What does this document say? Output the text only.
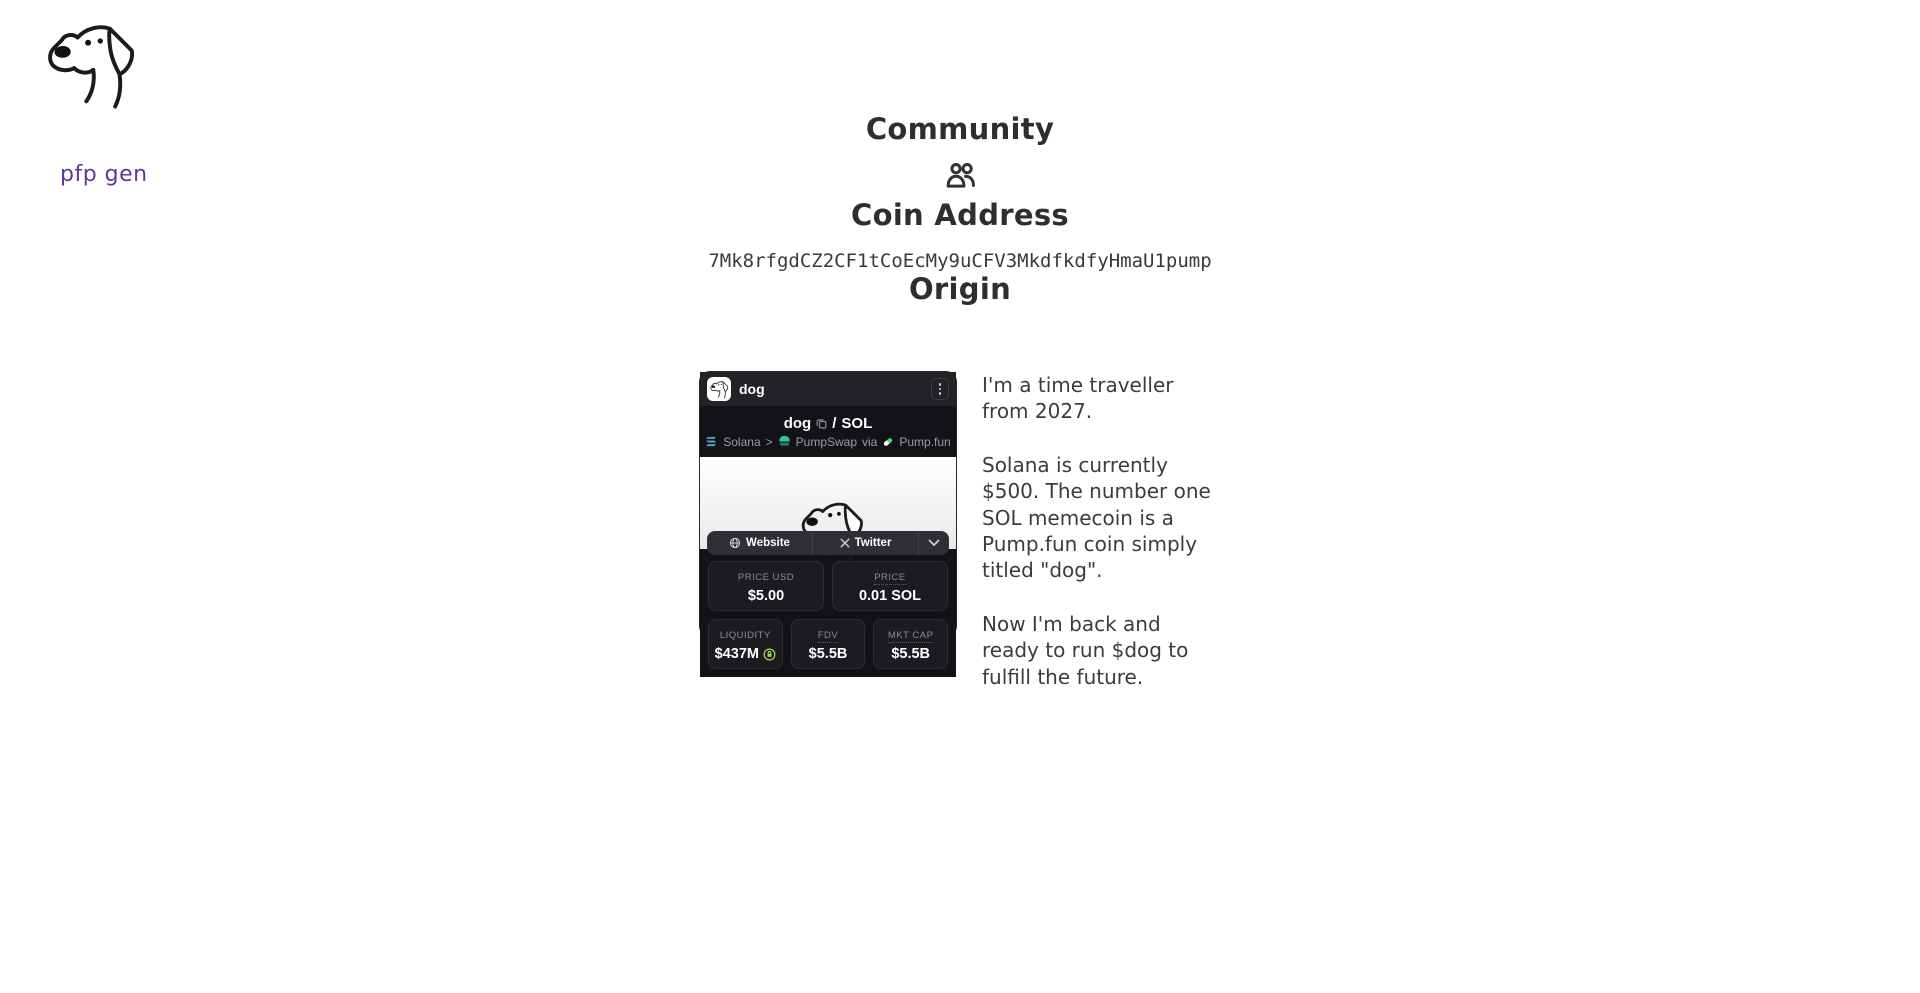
pfp gen
Community
Coin Address
7Mk8rfgdCZ2CF1tCoEcMy9uCFV3MkdfkdfyHmaU1pump
Origin
dog
dog / SOL
Solana > PumpSwap via Pump.fun
Website	Twitter
PRICE USD
$5.00
PRICE
0.01 SOL
LIQUIDITY
$437M
FDV
$5.5B
MKT CAP
$5.5B

I'm a time traveller from 2027.

Solana is currently $500. The number one SOL memecoin is a Pump.fun coin simply titled "dog".

Now I'm back and ready to run $dog to fulfill the future.
